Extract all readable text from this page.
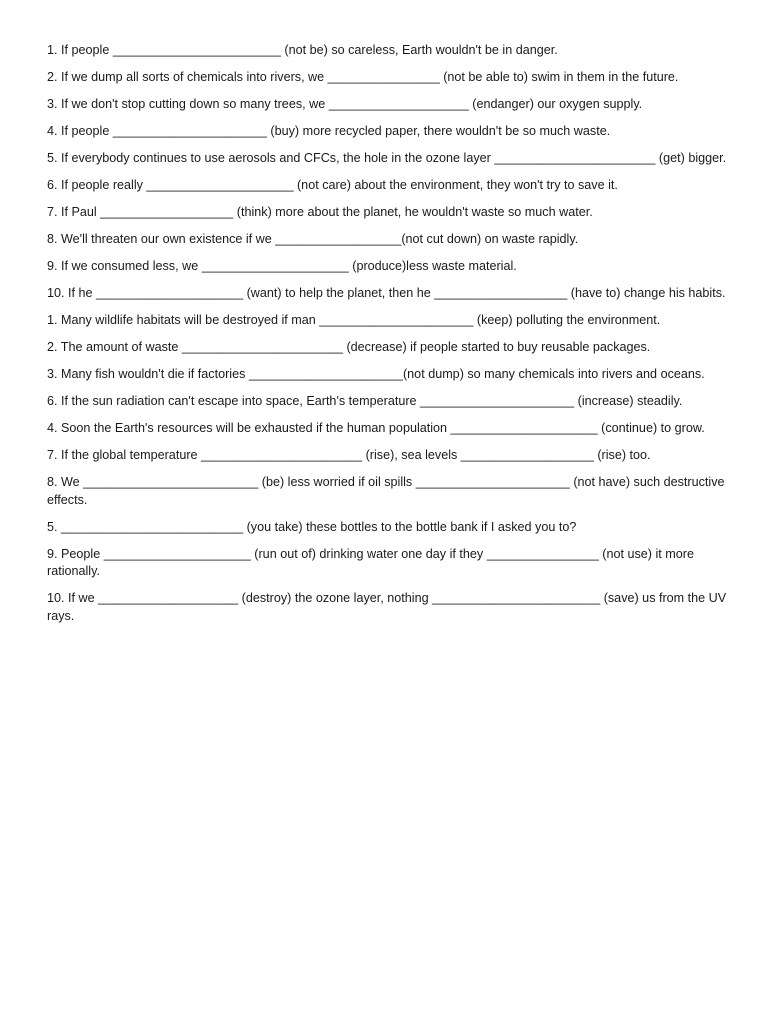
1. If people ________________________ (not be) so careless, Earth wouldn't be in danger.

2. If we dump all sorts of chemicals into rivers, we ________________ (not be able to) swim in them in the future.

3. If we don't stop cutting down so many trees, we ____________________ (endanger) our oxygen supply.

4. If people ______________________ (buy) more recycled paper, there wouldn't be so much waste.

5. If everybody continues to use aerosols and CFCs, the hole in the ozone layer _______________________ (get) bigger.

6. If people really _____________________ (not care) about the environment, they won't try to save it.

7. If Paul ___________________ (think) more about the planet, he wouldn't waste so much water.

8. We'll threaten our own existence if we __________________(not cut down) on waste rapidly.

9. If we consumed less, we _____________________ (produce)less waste material.

10. If he _____________________ (want) to help the planet, then he ___________________ (have to) change his habits.

1. Many wildlife habitats will be destroyed if man ______________________ (keep) polluting the environment.

2. The amount of waste _______________________ (decrease) if people started to buy reusable packages.

3. Many fish wouldn't die if factories ______________________(not dump) so many chemicals into rivers and oceans.

6. If the sun radiation can't escape into space, Earth's temperature ______________________ (increase) steadily.

4. Soon the Earth's resources will be exhausted if the human population _____________________ (continue) to grow.

7. If the global temperature _______________________ (rise), sea levels ___________________ (rise) too.

8. We _________________________ (be) less worried if oil spills ______________________ (not have) such destructive effects.

5. __________________________ (you take) these bottles to the bottle bank if I asked you to?

9. People _____________________ (run out of) drinking water one day if they ________________ (not use) it more rationally.

10. If we ____________________ (destroy) the ozone layer, nothing ________________________ (save) us from the UV rays.
